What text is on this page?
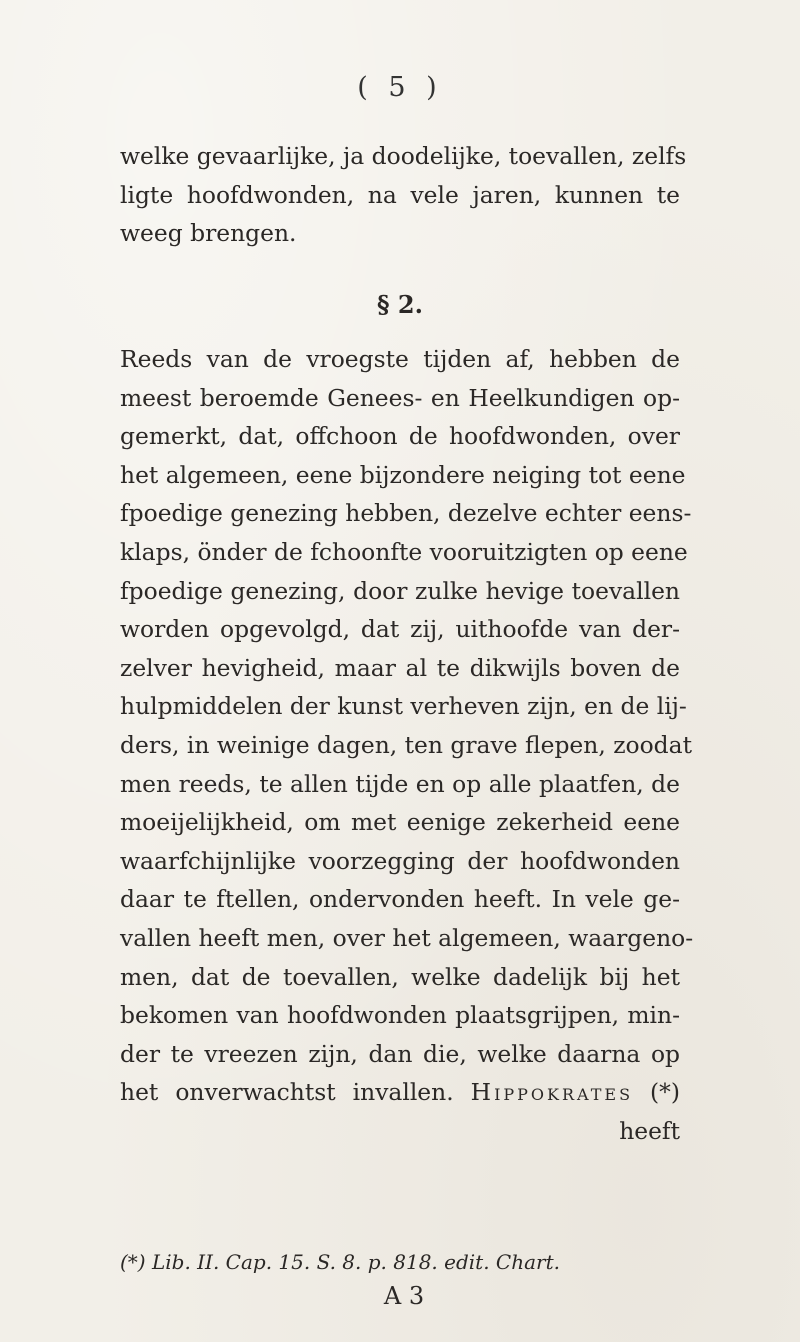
( 5 )
welke gevaarlijke, ja doodelijke, toevallen, zelfs
ligte hoofdwonden, na vele jaren, kunnen te
weeg brengen.
§ 2.
Reeds van de vroegste tijden af, hebben de
meest beroemde Genees- en Heelkundigen op-
gemerkt, dat, offchoon de hoofdwonden, over
het algemeen, eene bijzondere neiging tot eene
fpoedige genezing hebben, dezelve echter eens-
klaps, önder de fchoonfte vooruitzigten op eene
fpoedige genezing, door zulke hevige toevallen
worden opgevolgd, dat zij, uithoofde van der-
zelver hevigheid, maar al te dikwijls boven de
hulpmiddelen der kunst verheven zijn, en de lij-
ders, in weinige dagen, ten grave flepen, zoodat
men reeds, te allen tijde en op alle plaatfen, de
moeijelijkheid, om met eenige zekerheid eene
waarfchijnlijke voorzegging der hoofdwonden
daar te ftellen, ondervonden heeft. In vele ge-
vallen heeft men, over het algemeen, waargeno-
men, dat de toevallen, welke dadelijk bij het
bekomen van hoofdwonden plaatsgrijpen, min-
der te vreezen zijn, dan die, welke daarna op
het onverwachtst invallen. Hippokrates (*)
heeft
(*) Lib. II. Cap. 15. S. 8. p. 818. edit. Chart.
A 3
